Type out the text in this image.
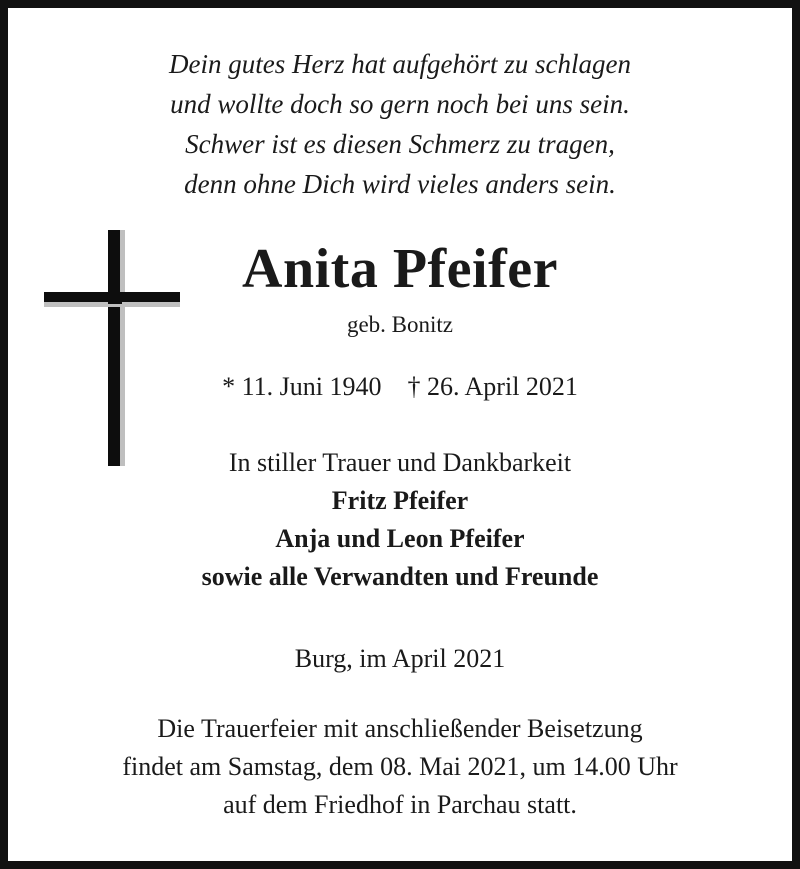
Dein gutes Herz hat aufgehört zu schlagen
und wollte doch so gern noch bei uns sein.
Schwer ist es diesen Schmerz zu tragen,
denn ohne Dich wird vieles anders sein.
Anita Pfeifer
geb. Bonitz
* 11. Juni 1940 † 26. April 2021
In stiller Trauer und Dankbarkeit
Fritz Pfeifer
Anja und Leon Pfeifer
sowie alle Verwandten und Freunde
Burg, im April 2021
Die Trauerfeier mit anschließender Beisetzung
findet am Samstag, dem 08. Mai 2021, um 14.00 Uhr
auf dem Friedhof in Parchau statt.
